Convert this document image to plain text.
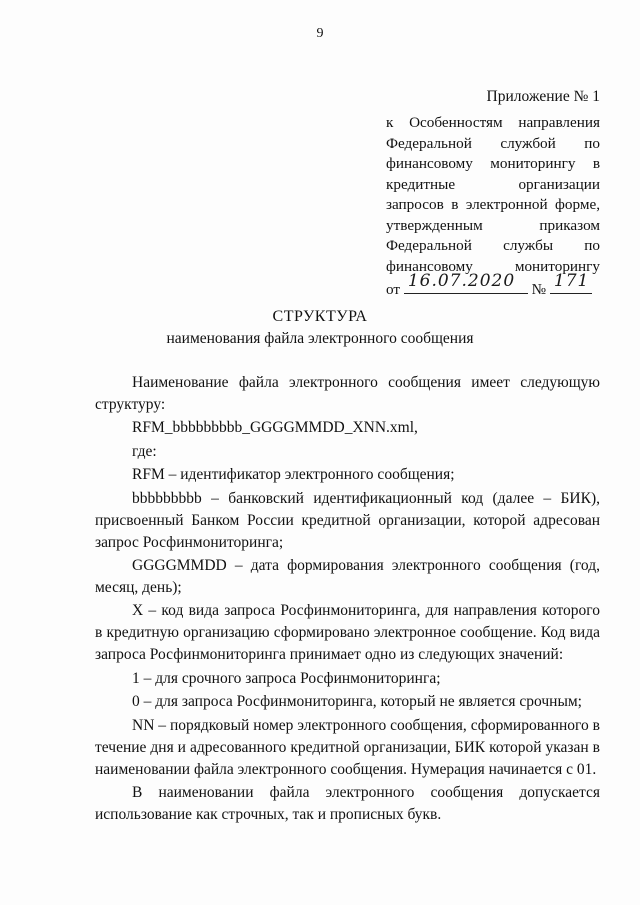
9
Приложение № 1
к Особенностям направления
Федеральной службой по
финансовому мониторингу в
кредитные организации
запросов в электронной форме,
утвержденным приказом
Федеральной службы по
финансовому мониторингу
от 16.07.2020 № 171
СТРУКТУРА
наименования файла электронного сообщения

Наименование файла электронного сообщения имеет следующую структуру:

RFM_bbbbbbbbb_GGGGMMDD_XNN.xml,

где:

RFM – идентификатор электронного сообщения;

bbbbbbbbb – банковский идентификационный код (далее – БИК), присвоенный Банком России кредитной организации, которой адресован запрос Росфинмониторинга;

GGGGMMDD – дата формирования электронного сообщения (год, месяц, день);

X – код вида запроса Росфинмониторинга, для направления которого в кредитную организацию сформировано электронное сообщение. Код вида запроса Росфинмониторинга принимает одно из следующих значений:

1 – для срочного запроса Росфинмониторинга;

0 – для запроса Росфинмониторинга, который не является срочным;

NN – порядковый номер электронного сообщения, сформированного в течение дня и адресованного кредитной организации, БИК которой указан в наименовании файла электронного сообщения. Нумерация начинается с 01.

В наименовании файла электронного сообщения допускается использование как строчных, так и прописных букв.
